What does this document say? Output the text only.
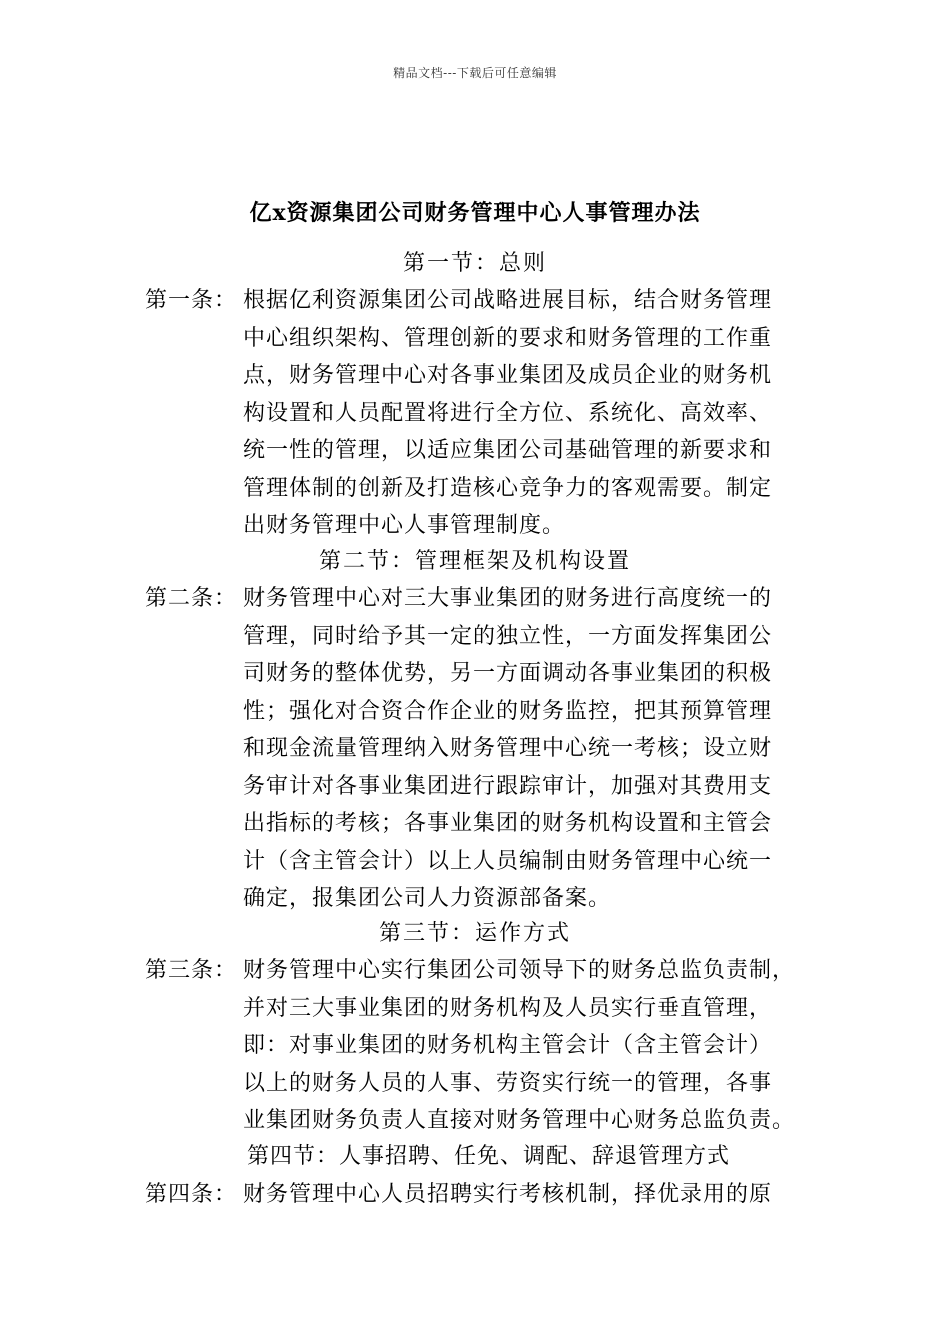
精品文档---下载后可任意编辑
亿x资源集团公司财务管理中心人事管理办法
第一节：总则
第一条： 根据亿利资源集团公司战略进展目标，结合财务管理
中心组织架构、管理创新的要求和财务管理的工作重
点，财务管理中心对各事业集团及成员企业的财务机
构设置和人员配置将进行全方位、系统化、高效率、
统一性的管理，以适应集团公司基础管理的新要求和
管理体制的创新及打造核心竞争力的客观需要。制定
出财务管理中心人事管理制度。
第二节：管理框架及机构设置
第二条： 财务管理中心对三大事业集团的财务进行高度统一的
管理，同时给予其一定的独立性，一方面发挥集团公
司财务的整体优势，另一方面调动各事业集团的积极
性；强化对合资合作企业的财务监控，把其预算管理
和现金流量管理纳入财务管理中心统一考核；设立财
务审计对各事业集团进行跟踪审计，加强对其费用支
出指标的考核；各事业集团的财务机构设置和主管会
计（含主管会计）以上人员编制由财务管理中心统一
确定，报集团公司人力资源部备案。
第三节：运作方式
第三条： 财务管理中心实行集团公司领导下的财务总监负责制，
并对三大事业集团的财务机构及人员实行垂直管理，
即：对事业集团的财务机构主管会计（含主管会计）
以上的财务人员的人事、劳资实行统一的管理，各事
业集团财务负责人直接对财务管理中心财务总监负责。
第四节：人事招聘、任免、调配、辞退管理方式
第四条： 财务管理中心人员招聘实行考核机制，择优录用的原
